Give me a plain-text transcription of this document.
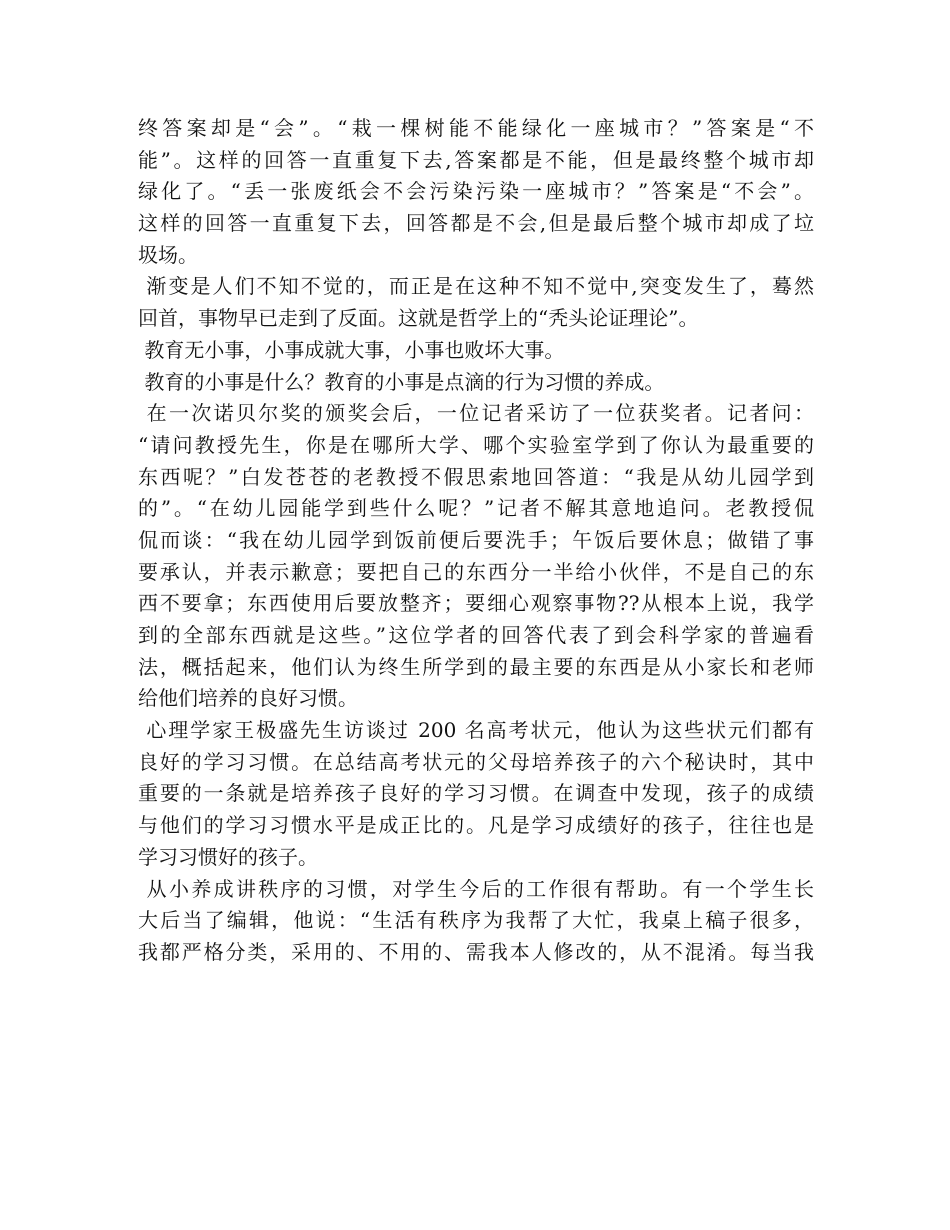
终答案却是“会”。“栽一棵树能不能绿化一座城市？”答案是“不
能”。这样的回答一直重复下去,答案都是不能，但是最终整个城市却
绿化了。“丢一张废纸会不会污染污染一座城市？”答案是“不会”。
这样的回答一直重复下去，回答都是不会,但是最后整个城市却成了垃
圾场。
渐变是人们不知不觉的，而正是在这种不知不觉中,突变发生了，蓦然
回首，事物早已走到了反面。这就是哲学上的“秃头论证理论”。
教育无小事，小事成就大事，小事也败坏大事。
教育的小事是什么？教育的小事是点滴的行为习惯的养成。
在一次诺贝尔奖的颁奖会后，一位记者采访了一位获奖者。记者问：
“请问教授先生，你是在哪所大学、哪个实验室学到了你认为最重要的
东西呢？”白发苍苍的老教授不假思索地回答道：“我是从幼儿园学到
的”。“在幼儿园能学到些什么呢？”记者不解其意地追问。老教授侃
侃而谈：“我在幼儿园学到饭前便后要洗手；午饭后要休息；做错了事
要承认，并表示歉意；要把自己的东西分一半给小伙伴，不是自己的东
西不要拿；东西使用后要放整齐；要细心观察事物??从根本上说，我学
到的全部东西就是这些。”这位学者的回答代表了到会科学家的普遍看
法，概括起来，他们认为终生所学到的最主要的东西是从小家长和老师
给他们培养的良好习惯。
心理学家王极盛先生访谈过 200 名高考状元，他认为这些状元们都有
良好的学习习惯。在总结高考状元的父母培养孩子的六个秘诀时，其中
重要的一条就是培养孩子良好的学习习惯。在调查中发现，孩子的成绩
与他们的学习习惯水平是成正比的。凡是学习成绩好的孩子，往往也是
学习习惯好的孩子。
从小养成讲秩序的习惯，对学生今后的工作很有帮助。有一个学生长
大后当了编辑，他说：“生活有秩序为我帮了大忙，我桌上稿子很多，
我都严格分类，采用的、不用的、需我本人修改的，从不混淆。每当我
